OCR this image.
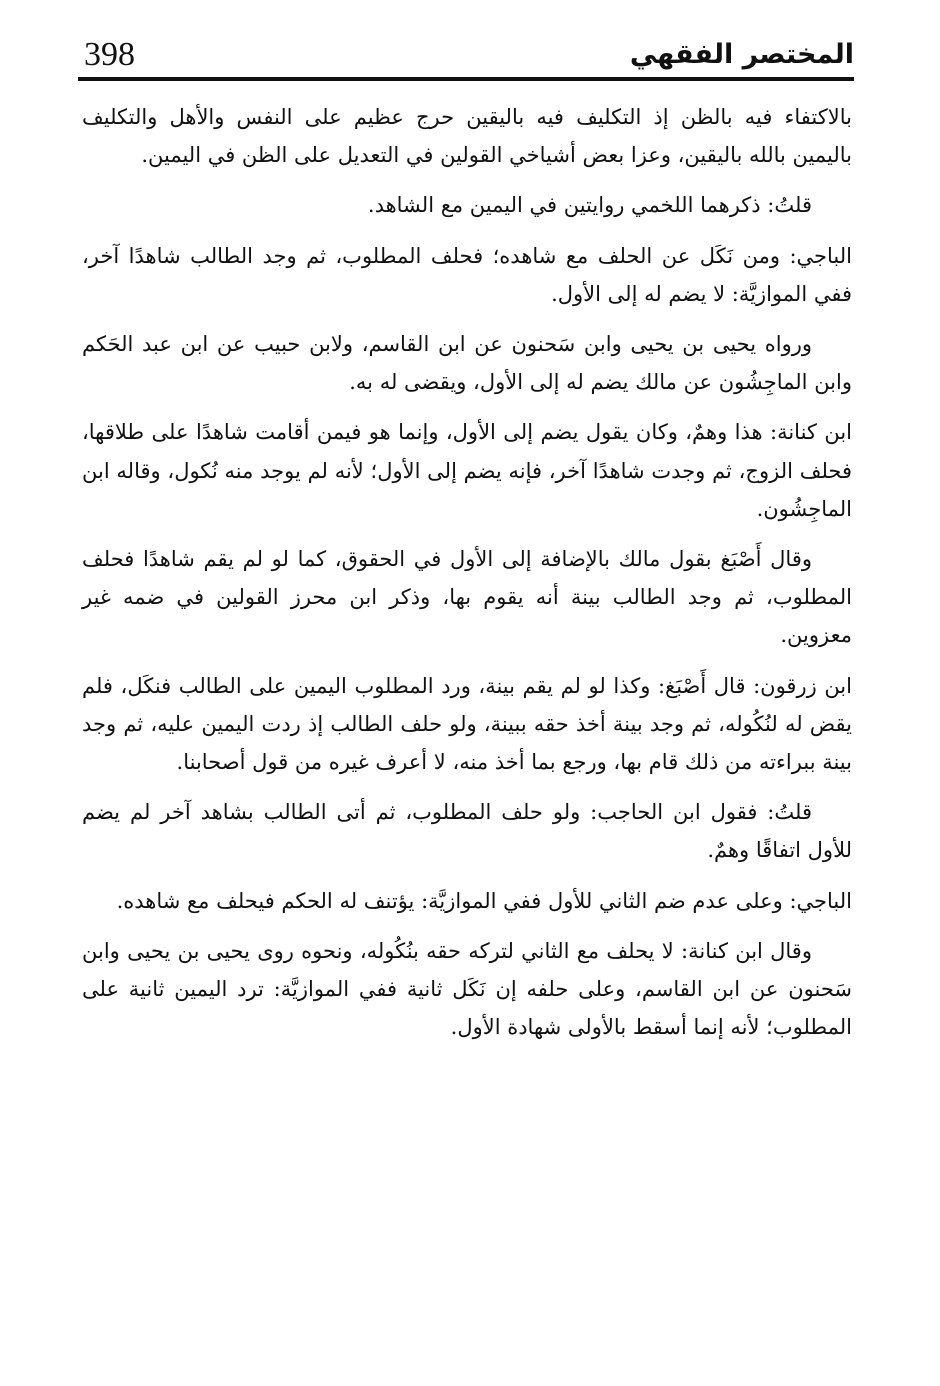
398	المختصر الفقهي

بالاكتفاء فيه بالظن إذ التكليف فيه باليقين حرج عظيم على النفس والأهل والتكليف باليمين بالله باليقين، وعزا بعض أشياخي القولين في التعديل على الظن في اليمين.

قلتُ: ذكرهما اللخمي روايتين في اليمين مع الشاهد.

الباجي: ومن نَكَل عن الحلف مع شاهده؛ فحلف المطلوب، ثم وجد الطالب شاهدًا آخر، ففي الموازيَّة: لا يضم له إلى الأول.

ورواه يحيى بن يحيى وابن سَحنون عن ابن القاسم، ولابن حبيب عن ابن عبد الحَكم وابن الماجِشُون عن مالك يضم له إلى الأول، ويقضى له به.

ابن كنانة: هذا وهمٌ، وكان يقول يضم إلى الأول، وإنما هو فيمن أقامت شاهدًا على طلاقها، فحلف الزوج، ثم وجدت شاهدًا آخر، فإنه يضم إلى الأول؛ لأنه لم يوجد منه نُكول، وقاله ابن الماجِشُون.

وقال أَصْبَغ بقول مالك بالإضافة إلى الأول في الحقوق، كما لو لم يقم شاهدًا فحلف المطلوب، ثم وجد الطالب بينة أنه يقوم بها، وذكر ابن محرز القولين في ضمه غير معزوين.

ابن زرقون: قال أَصْبَغ: وكذا لو لم يقم بينة، ورد المطلوب اليمين على الطالب فنكَل، فلم يقض له لنُكُوله، ثم وجد بينة أخذ حقه ببينة، ولو حلف الطالب إذ ردت اليمين عليه، ثم وجد بينة ببراءته من ذلك قام بها، ورجع بما أخذ منه، لا أعرف غيره من قول أصحابنا.

قلتُ: فقول ابن الحاجب: ولو حلف المطلوب، ثم أتى الطالب بشاهد آخر لم يضم للأول اتفاقًا وهمٌ.

الباجي: وعلى عدم ضم الثاني للأول ففي الموازيَّة: يؤتنف له الحكم فيحلف مع شاهده.

وقال ابن كنانة: لا يحلف مع الثاني لتركه حقه بنُكُوله، ونحوه روى يحيى بن يحيى وابن سَحنون عن ابن القاسم، وعلى حلفه إن نَكَل ثانية ففي الموازيَّة: ترد اليمين ثانية على المطلوب؛ لأنه إنما أسقط بالأولى شهادة الأول.
